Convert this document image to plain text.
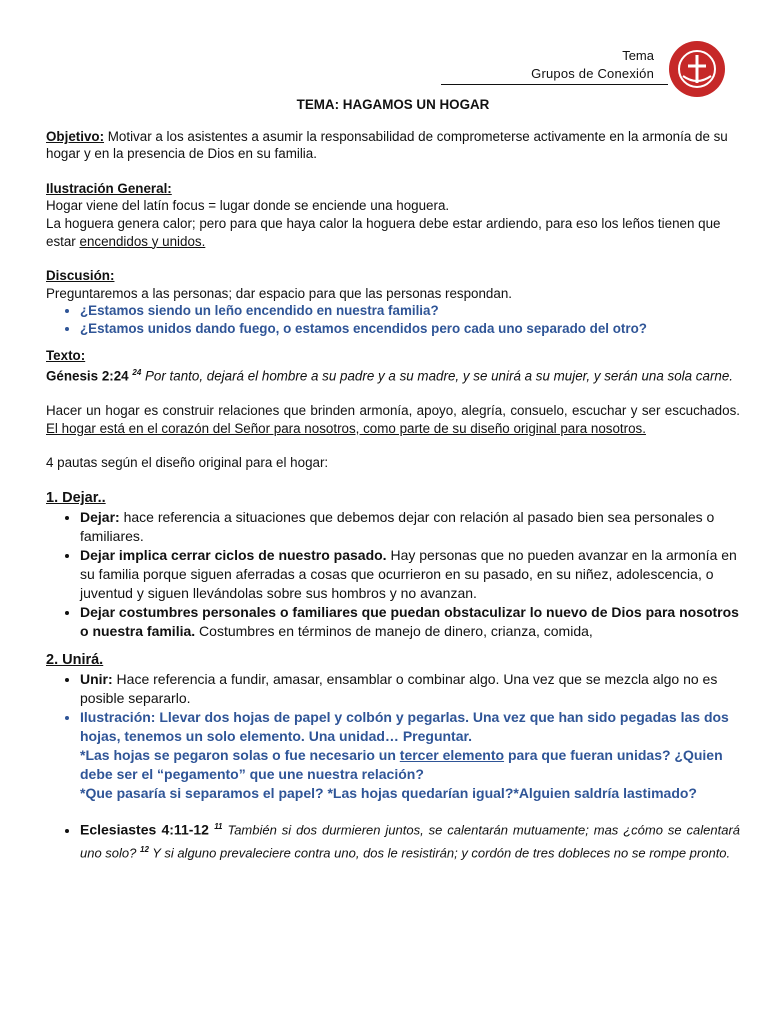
Tema
Grupos de Conexión

TEMA: HAGAMOS UN HOGAR

Objetivo: Motivar a los asistentes a asumir la responsabilidad de comprometerse activamente en la armonía de su hogar y en la presencia de Dios en su familia.

Ilustración General:

Hogar viene del latín focus = lugar donde se enciende una hoguera.

La hoguera genera calor; pero para que haya calor la hoguera debe estar ardiendo, para eso los leños tienen que estar encendidos y unidos.

Discusión:

Preguntaremos a las personas; dar espacio para que las personas respondan.

• ¿Estamos siendo un leño encendido en nuestra familia?
• ¿Estamos unidos dando fuego, o estamos encendidos pero cada uno separado del otro?

Texto:

Génesis 2:24 $^{24}$ Por tanto, dejará el hombre a su padre y a su madre, y se unirá a su mujer, y serán una sola carne.

Hacer un hogar es construir relaciones que brinden armonía, apoyo, alegría, consuelo, escuchar y ser escuchados. El hogar está en el corazón del Señor para nosotros, como parte de su diseño original para nosotros.

4 pautas según el diseño original para el hogar:

1. Dejar..
• Dejar: hace referencia a situaciones que debemos dejar con relación al pasado bien sea personales o familiares.
• Dejar implica cerrar ciclos de nuestro pasado. Hay personas que no pueden avanzar en la armonía en su familia porque siguen aferradas a cosas que ocurrieron en su pasado, en su niñez, adolescencia, o juventud y siguen llevándolas sobre sus hombros y no avanzan.
• Dejar costumbres personales o familiares que puedan obstaculizar lo nuevo de Dios para nosotros o nuestra familia. Costumbres en términos de manejo de dinero, crianza, comida,
2. Unirá.
• Unir: Hace referencia a fundir, amasar, ensamblar o combinar algo. Una vez que se mezcla algo no es posible separarlo.
• Ilustración: Llevar dos hojas de papel y colbón y pegarlas. Una vez que han sido pegadas las dos hojas, tenemos un solo elemento. Una unidad… Preguntar.
*Las hojas se pegaron solas o fue necesario un tercer elemento para que fueran unidas? ¿Quien debe ser el “pegamento” que une nuestra relación?
*Que pasaría si separamos el papel? *Las hojas quedarían igual?*Alguien saldría lastimado?
• Eclesiastes 4:11-12 $^{11}$ También si dos durmieren juntos, se calentarán mutuamente; mas ¿cómo se calentará uno solo? $^{12}$ Y si alguno prevaleciere contra uno, dos le resistirán; y cordón de tres dobleces no se rompe pronto.
